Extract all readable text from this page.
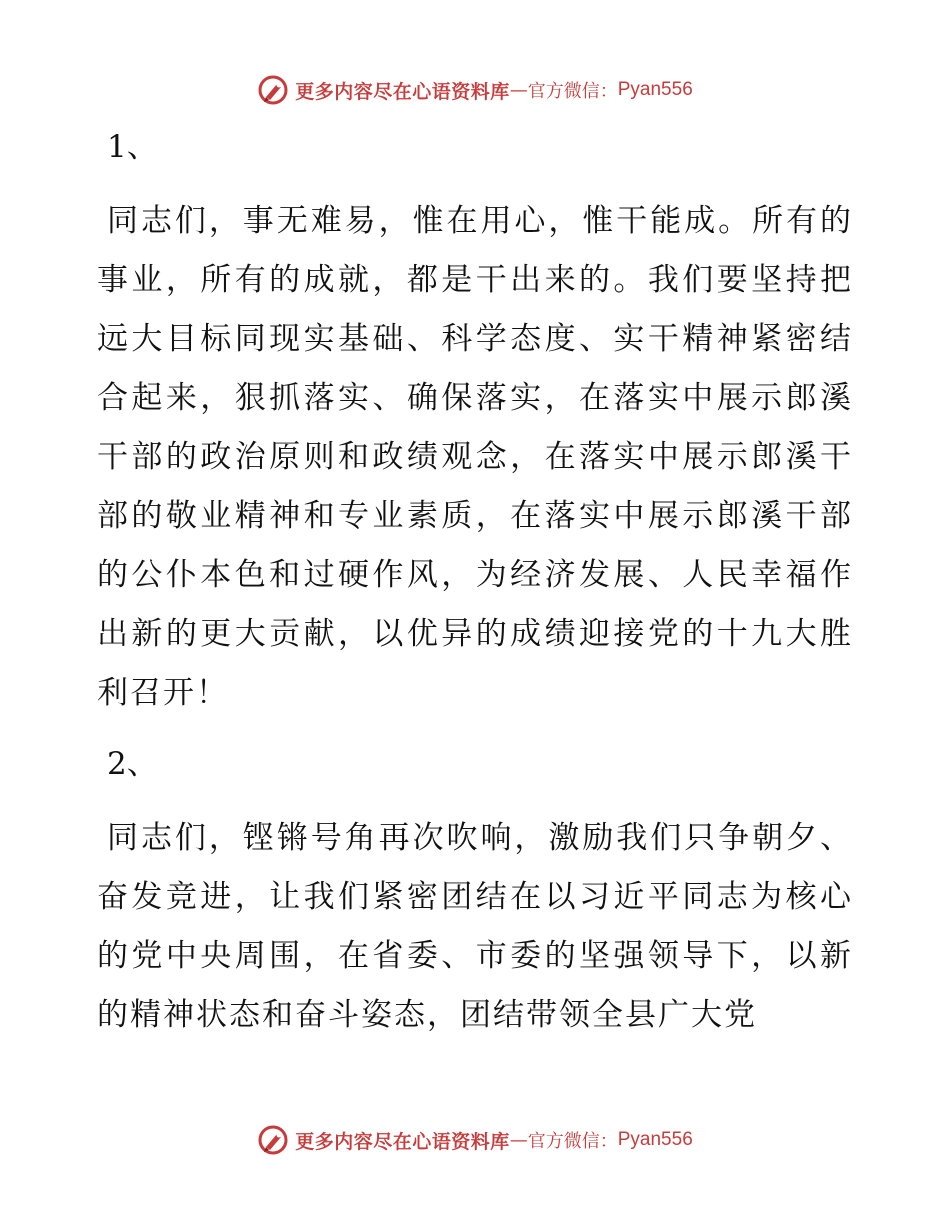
更多内容尽在心语资料库 — 官方微信： Pyan556
1、

同志们，事无难易，惟在用心，惟干能成。所有的事业，所有的成就，都是干出来的。我们要坚持把远大目标同现实基础、科学态度、实干精神紧密结合起来，狠抓落实、确保落实，在落实中展示郎溪干部的政治原则和政绩观念，在落实中展示郎溪干部的敬业精神和专业素质，在落实中展示郎溪干部的公仆本色和过硬作风，为经济发展、人民幸福作出新的更大贡献，以优异的成绩迎接党的十九大胜利召开！

2、

同志们，铿锵号角再次吹响，激励我们只争朝夕、奋发竞进，让我们紧密团结在以习近平同志为核心的党中央周围，在省委、市委的坚强领导下，以新的精神状态和奋斗姿态，团结带领全县广大党

更多内容尽在心语资料库 — 官方微信： Pyan556
